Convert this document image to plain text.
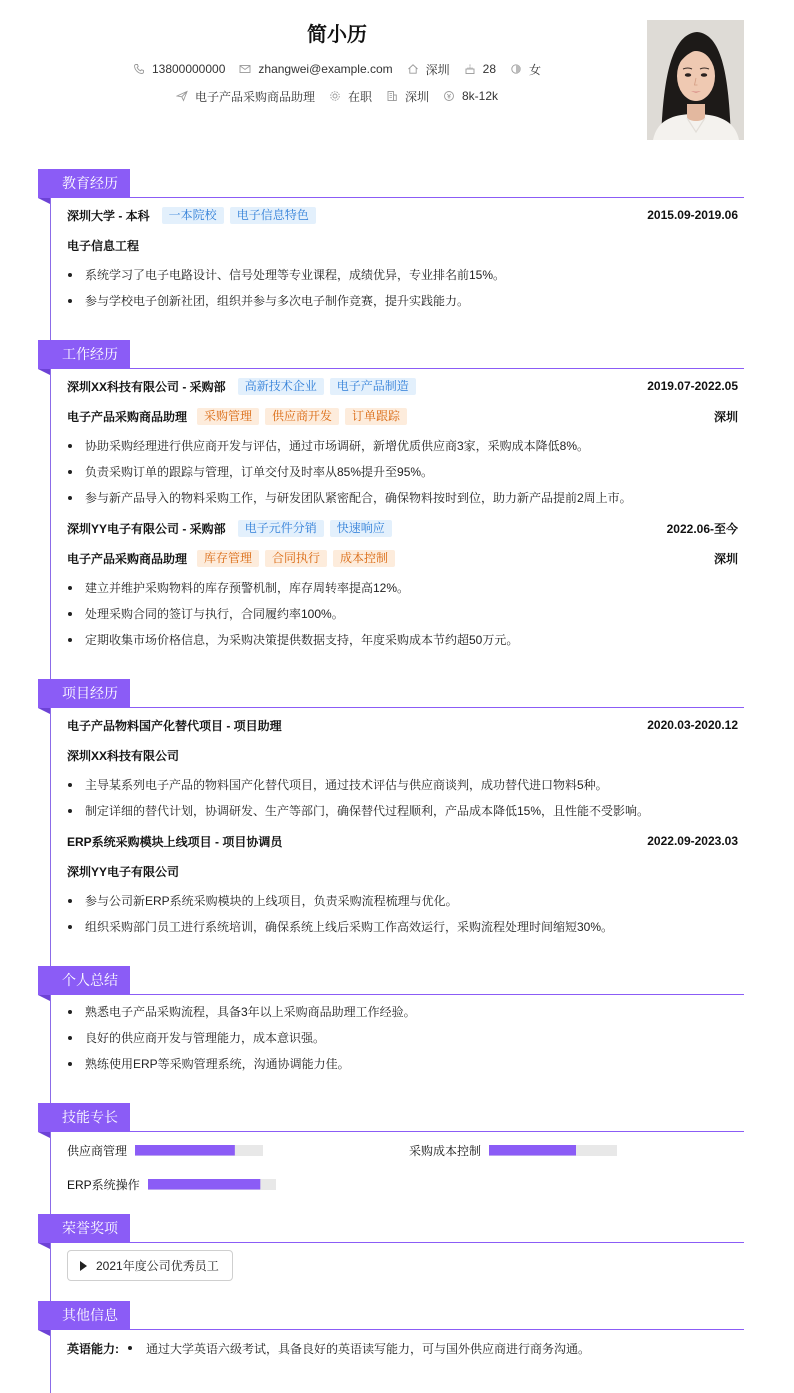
简小历
13800000000	zhangwei@example.com	深圳	28	女
电子产品采购商品助理	在职	深圳	8k-12k
教育经历
深圳大学 - 本科	一本院校	电子信息特色	2015.09-2019.06
电子信息工程
系统学习了电子电路设计、信号处理等专业课程，成绩优异，专业排名前15%。
参与学校电子创新社团，组织并参与多次电子制作竞赛，提升实践能力。
工作经历
深圳XX科技有限公司 - 采购部	高新技术企业	电子产品制造	2019.07-2022.05
电子产品采购商品助理	采购管理	供应商开发	订单跟踪	深圳
协助采购经理进行供应商开发与评估，通过市场调研，新增优质供应商3家，采购成本降低8%。
负责采购订单的跟踪与管理，订单交付及时率从85%提升至95%。
参与新产品导入的物料采购工作，与研发团队紧密配合，确保物料按时到位，助力新产品提前2周上市。
深圳YY电子有限公司 - 采购部	电子元件分销	快速响应	2022.06-至今
电子产品采购商品助理	库存管理	合同执行	成本控制	深圳
建立并维护采购物料的库存预警机制，库存周转率提高12%。
处理采购合同的签订与执行，合同履约率100%。
定期收集市场价格信息，为采购决策提供数据支持，年度采购成本节约超50万元。
项目经历
电子产品物料国产化替代项目 - 项目助理	2020.03-2020.12
深圳XX科技有限公司
主导某系列电子产品的物料国产化替代项目，通过技术评估与供应商谈判，成功替代进口物料5种。
制定详细的替代计划，协调研发、生产等部门，确保替代过程顺利，产品成本降低15%，且性能不受影响。
ERP系统采购模块上线项目 - 项目协调员	2022.09-2023.03
深圳YY电子有限公司
参与公司新ERP系统采购模块的上线项目，负责采购流程梳理与优化。
组织采购部门员工进行系统培训，确保系统上线后采购工作高效运行，采购流程处理时间缩短30%。
个人总结
熟悉电子产品采购流程，具备3年以上采购商品助理工作经验。
良好的供应商开发与管理能力，成本意识强。
熟练使用ERP等采购管理系统，沟通协调能力佳。
技能专长
供应商管理	采购成本控制
ERP系统操作
荣誉奖项
2021年度公司优秀员工
其他信息
英语能力: 通过大学英语六级考试，具备良好的英语读写能力，可与国外供应商进行商务沟通。
